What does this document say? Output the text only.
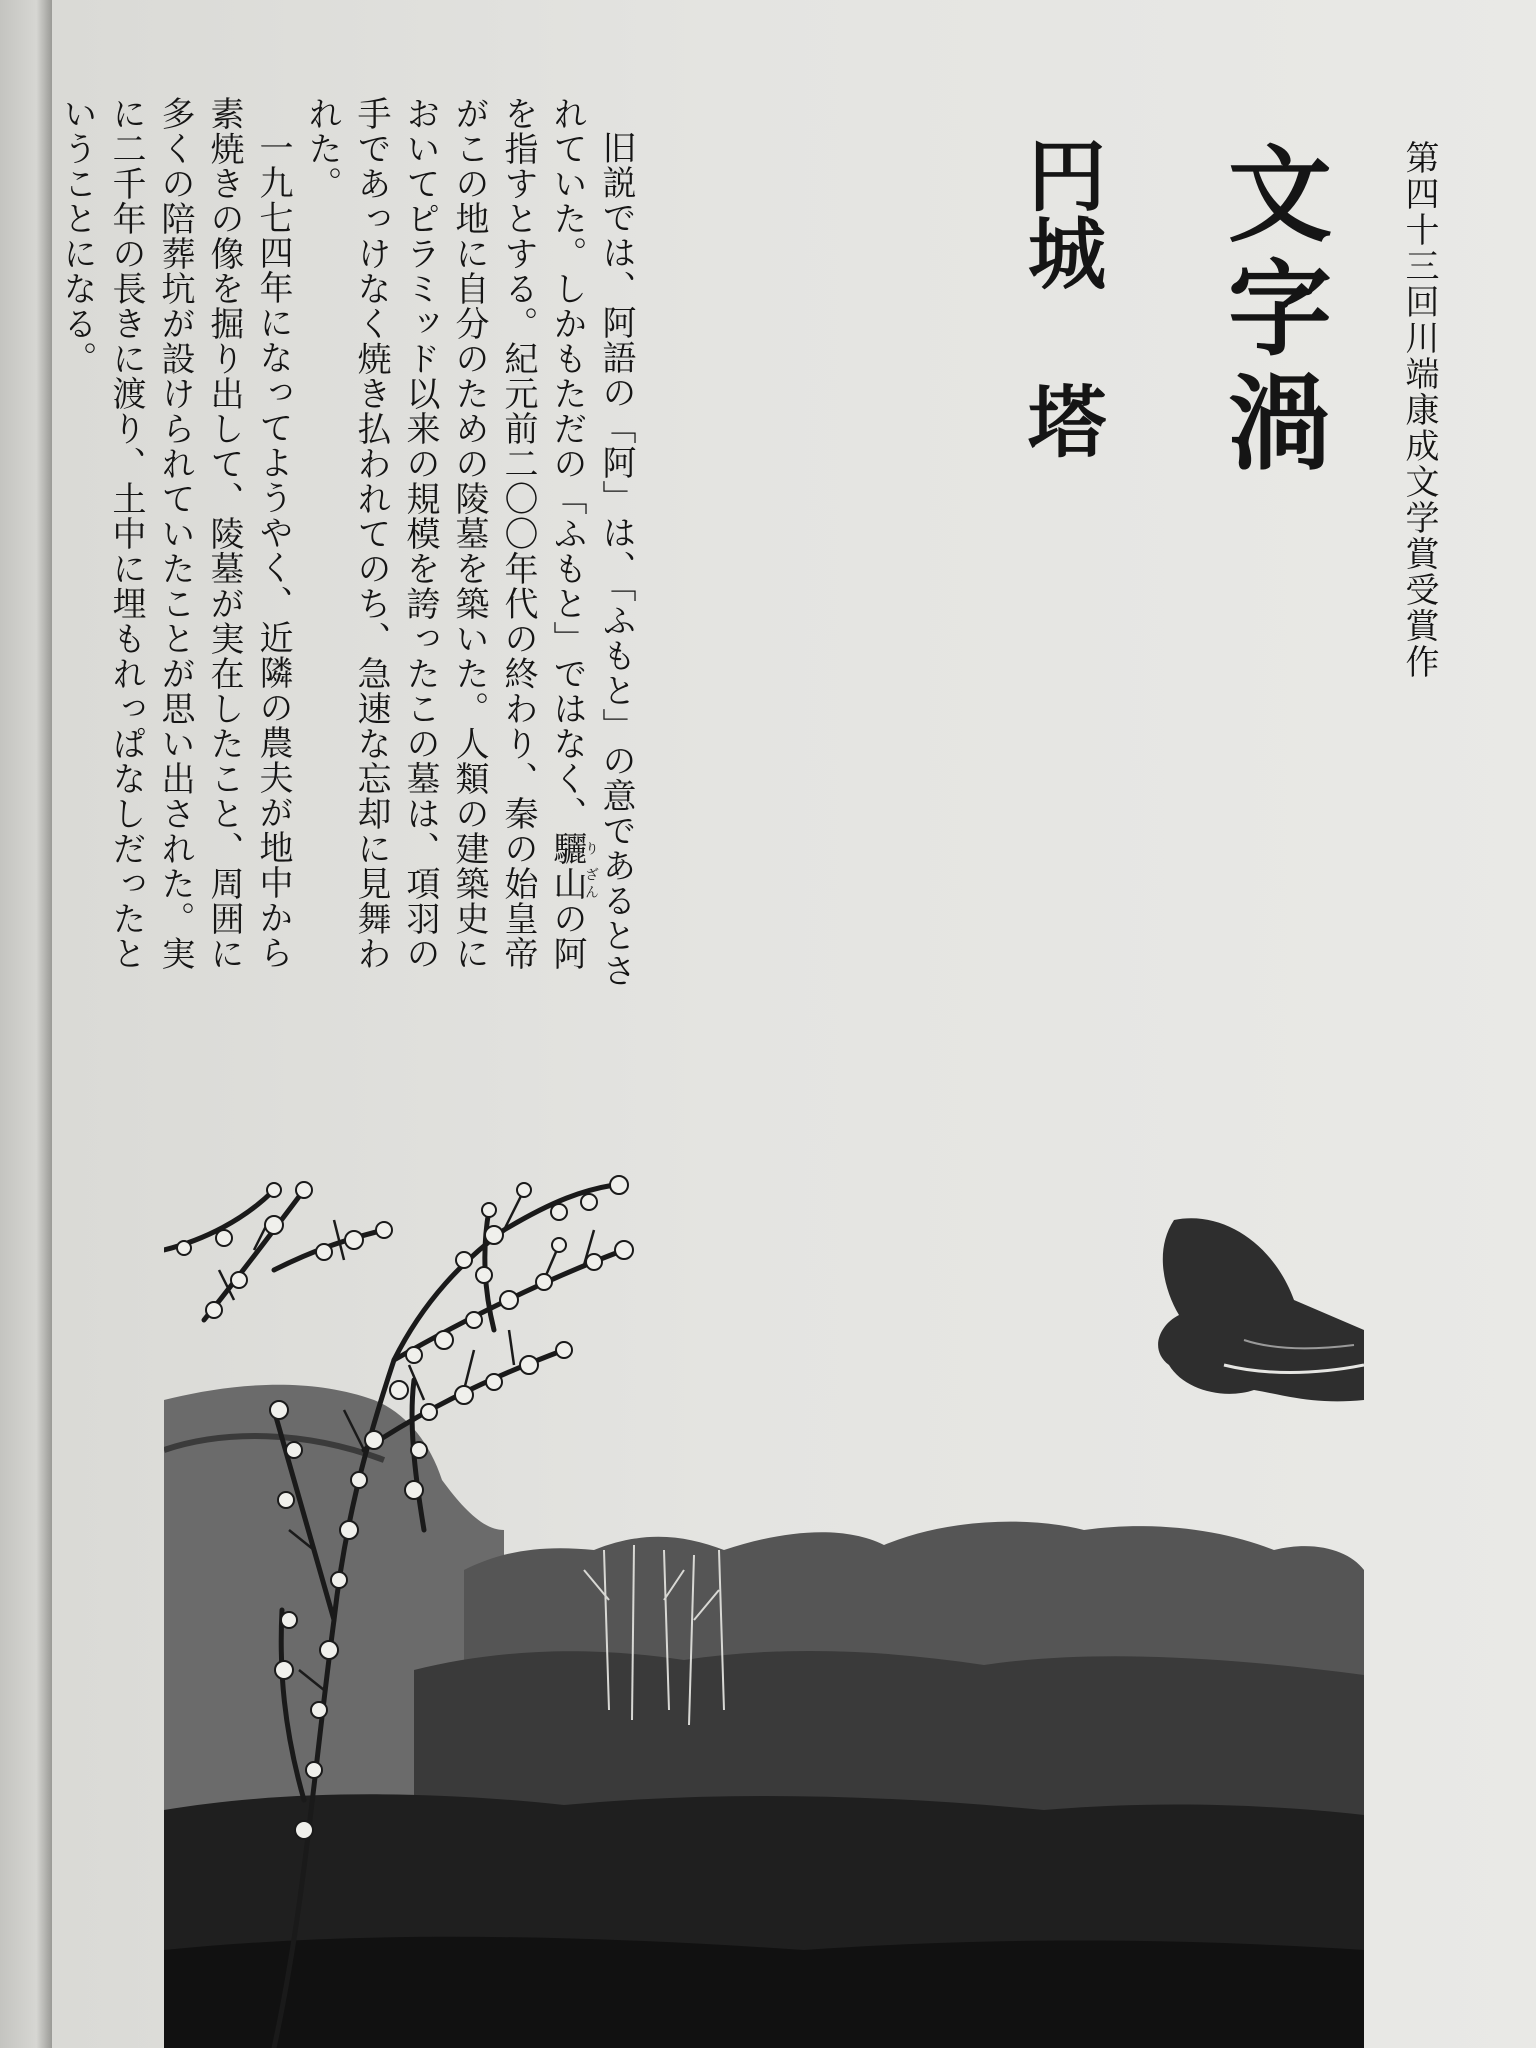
第四十三回川端康成文学賞受賞作
文字渦
円城塔

旧説では、阿語の「阿」は、「ふもと」の意であるとされていた。しかもただの「ふもと」ではなく、驪り山ざんの阿を指すとする。紀元前二〇〇年代の終わり、秦の始皇帝がこの地に自分のための陵墓を築いた。人類の建築史においてピラミッド以来の規模を誇ったこの墓は、項羽の手であっけなく焼き払われてのち、急速な忘却に見舞われた。

一九七四年になってようやく、近隣の農夫が地中から素焼きの像を掘り出して、陵墓が実在したこと、周囲に多くの陪葬坑が設けられていたことが思い出された。実に二千年の長きに渡り、土中に埋もれっぱなしだったということになる。
